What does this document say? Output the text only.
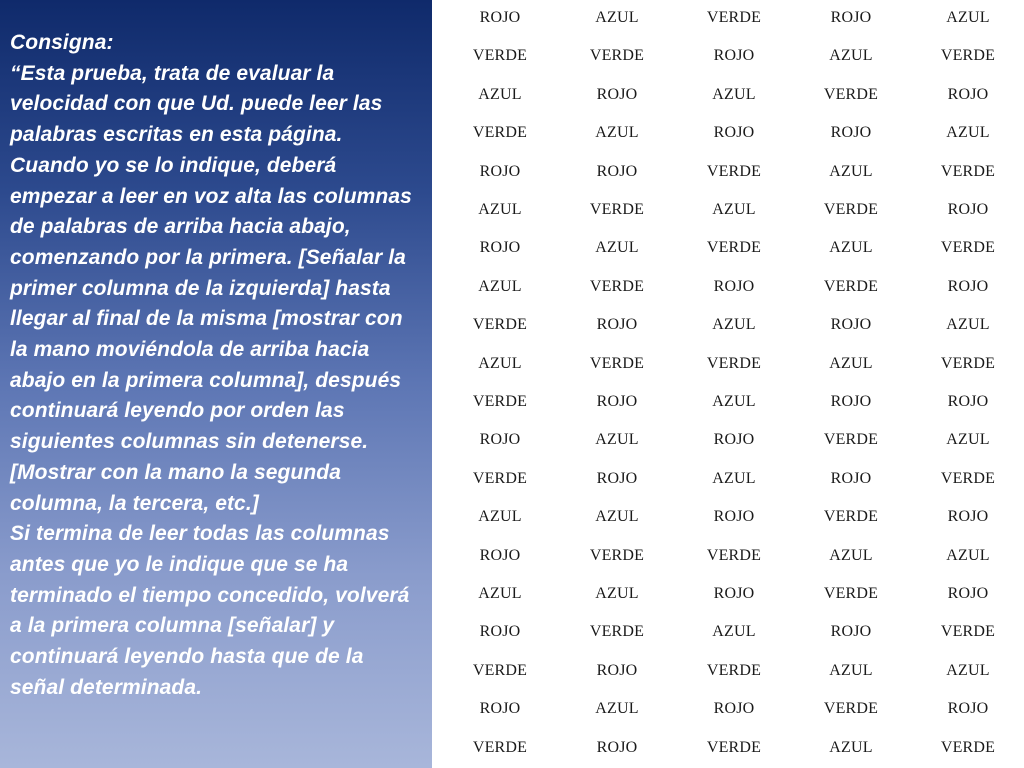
Consigna:

“Esta prueba, trata de evaluar la velocidad con que Ud. puede leer las palabras escritas en esta página. Cuando yo se lo indique, deberá empezar a leer en voz alta las columnas de palabras de arriba hacia abajo, comenzando por la primera. [Señalar la primer columna de la izquierda] hasta llegar al final de la misma [mostrar con la mano moviéndola de arriba hacia abajo en la primera columna], después continuará leyendo por orden las siguientes columnas sin detenerse. [Mostrar con la mano la segunda columna, la tercera, etc.]

Si termina de leer todas las columnas antes que yo le indique que se ha terminado el tiempo concedido, volverá a la primera columna [señalar] y continuará leyendo hasta que de la señal determinada.

ROJO	AZUL	VERDE	ROJO	AZUL
VERDE	VERDE	ROJO	AZUL	VERDE
AZUL	ROJO	AZUL	VERDE	ROJO
VERDE	AZUL	ROJO	ROJO	AZUL
ROJO	ROJO	VERDE	AZUL	VERDE
AZUL	VERDE	AZUL	VERDE	ROJO
ROJO	AZUL	VERDE	AZUL	VERDE
AZUL	VERDE	ROJO	VERDE	ROJO
VERDE	ROJO	AZUL	ROJO	AZUL
AZUL	VERDE	VERDE	AZUL	VERDE
VERDE	ROJO	AZUL	ROJO	ROJO
ROJO	AZUL	ROJO	VERDE	AZUL
VERDE	ROJO	AZUL	ROJO	VERDE
AZUL	AZUL	ROJO	VERDE	ROJO
ROJO	VERDE	VERDE	AZUL	AZUL
AZUL	AZUL	ROJO	VERDE	ROJO
ROJO	VERDE	AZUL	ROJO	VERDE
VERDE	ROJO	VERDE	AZUL	AZUL
ROJO	AZUL	ROJO	VERDE	ROJO
VERDE	ROJO	VERDE	AZUL	VERDE
